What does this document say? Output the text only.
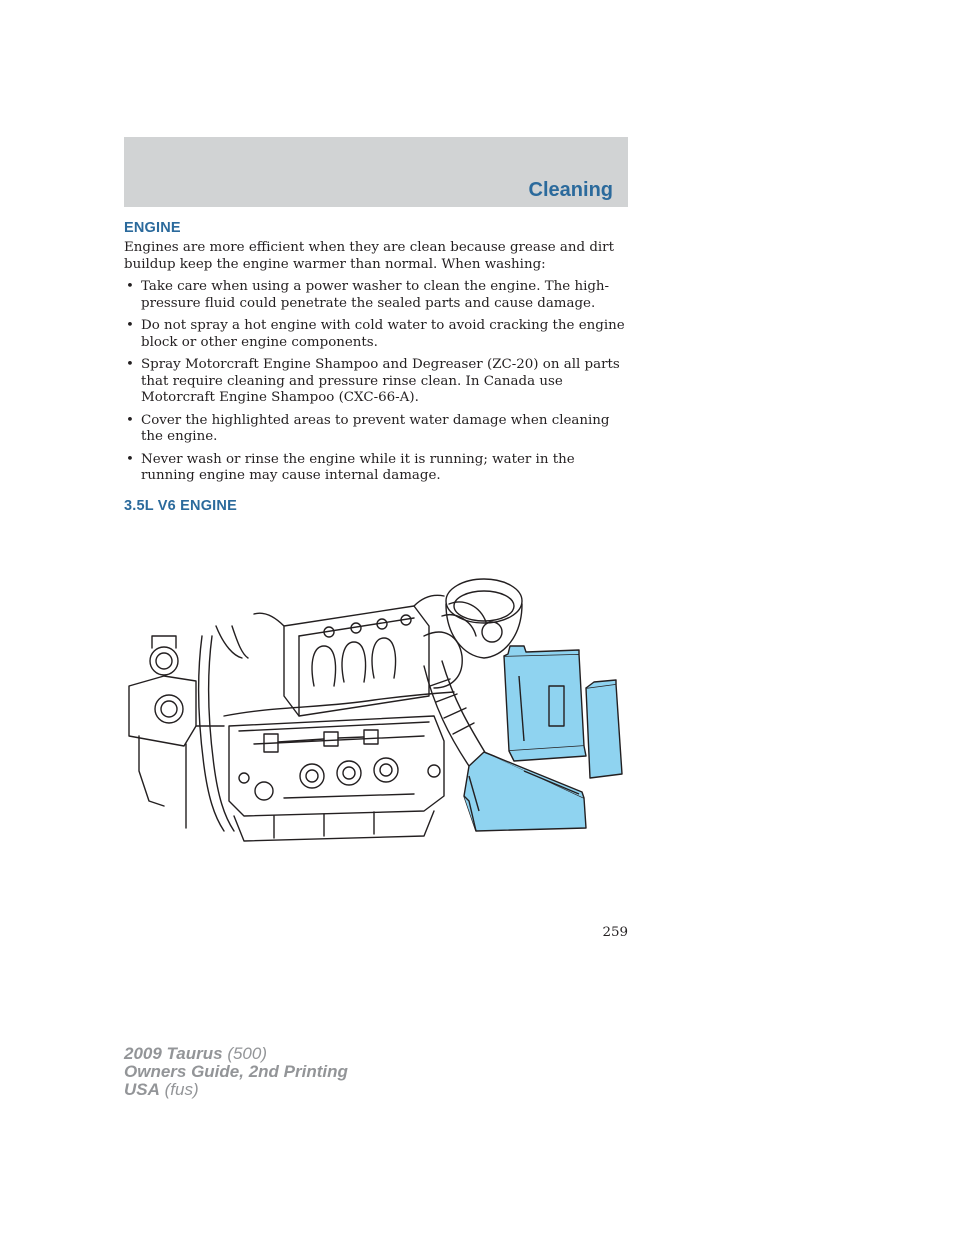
Cleaning
ENGINE

Engines are more efficient when they are clean because grease and dirt buildup keep the engine warmer than normal. When washing:

• Take care when using a power washer to clean the engine. The high-pressure fluid could penetrate the sealed parts and cause damage.
• Do not spray a hot engine with cold water to avoid cracking the engine block or other engine components.
• Spray Motorcraft Engine Shampoo and Degreaser (ZC-20) on all parts that require cleaning and pressure rinse clean. In Canada use Motorcraft Engine Shampoo (CXC-66-A).
• Cover the highlighted areas to prevent water damage when cleaning the engine.
• Never wash or rinse the engine while it is running; water in the running engine may cause internal damage.
3.5L V6 ENGINE
259
2009 Taurus (500)
Owners Guide, 2nd Printing
USA (fus)
